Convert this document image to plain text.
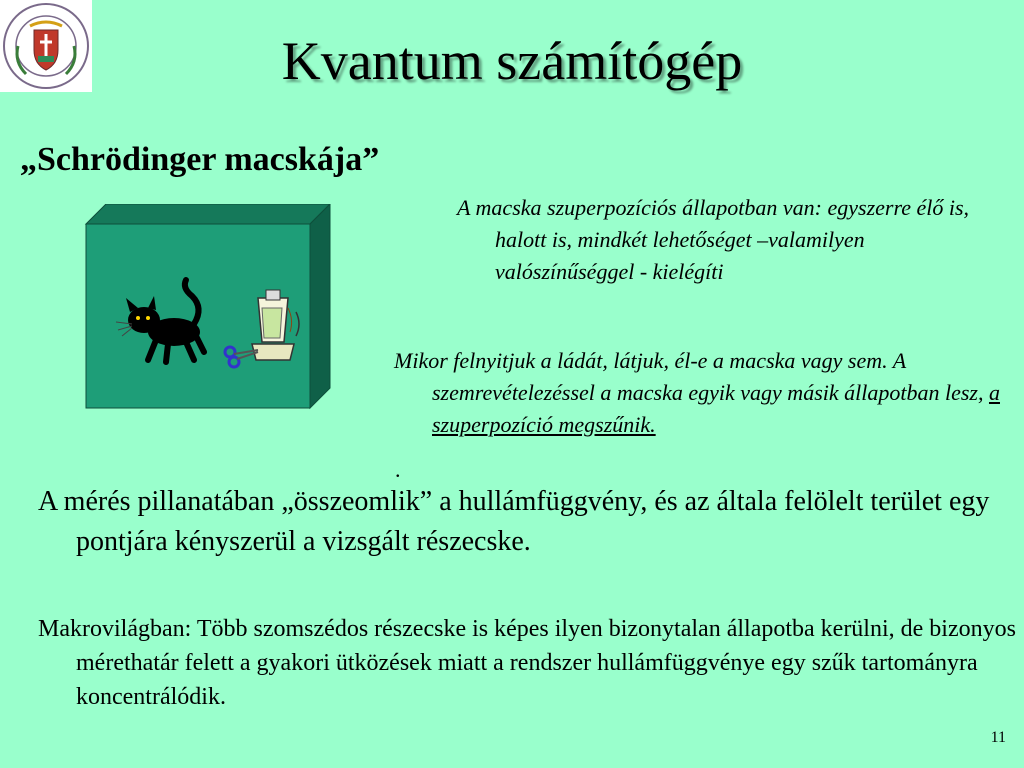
Kvantum számítógép
„Schrödinger macskája”
A macska szuperpozíciós állapotban van: egyszerre élő is, halott is, mindkét lehetőséget –valamilyen valószínűséggel - kielégíti
Mikor felnyitjuk a ládát, látjuk, él-e a macska vagy sem. A szemrevételezéssel a macska egyik vagy másik állapotban lesz, a szuperpozíció megszűnik.
.
A mérés pillanatában „összeomlik” a hullámfüggvény, és az általa felölelt terület egy pontjára kényszerül a vizsgált részecske.
Makrovilágban: Több szomszédos részecske is képes ilyen bizonytalan állapotba kerülni, de bizonyos mérethatár felett a gyakori ütközések miatt a rendszer hullámfüggvénye egy szűk tartományra koncentrálódik.
11
